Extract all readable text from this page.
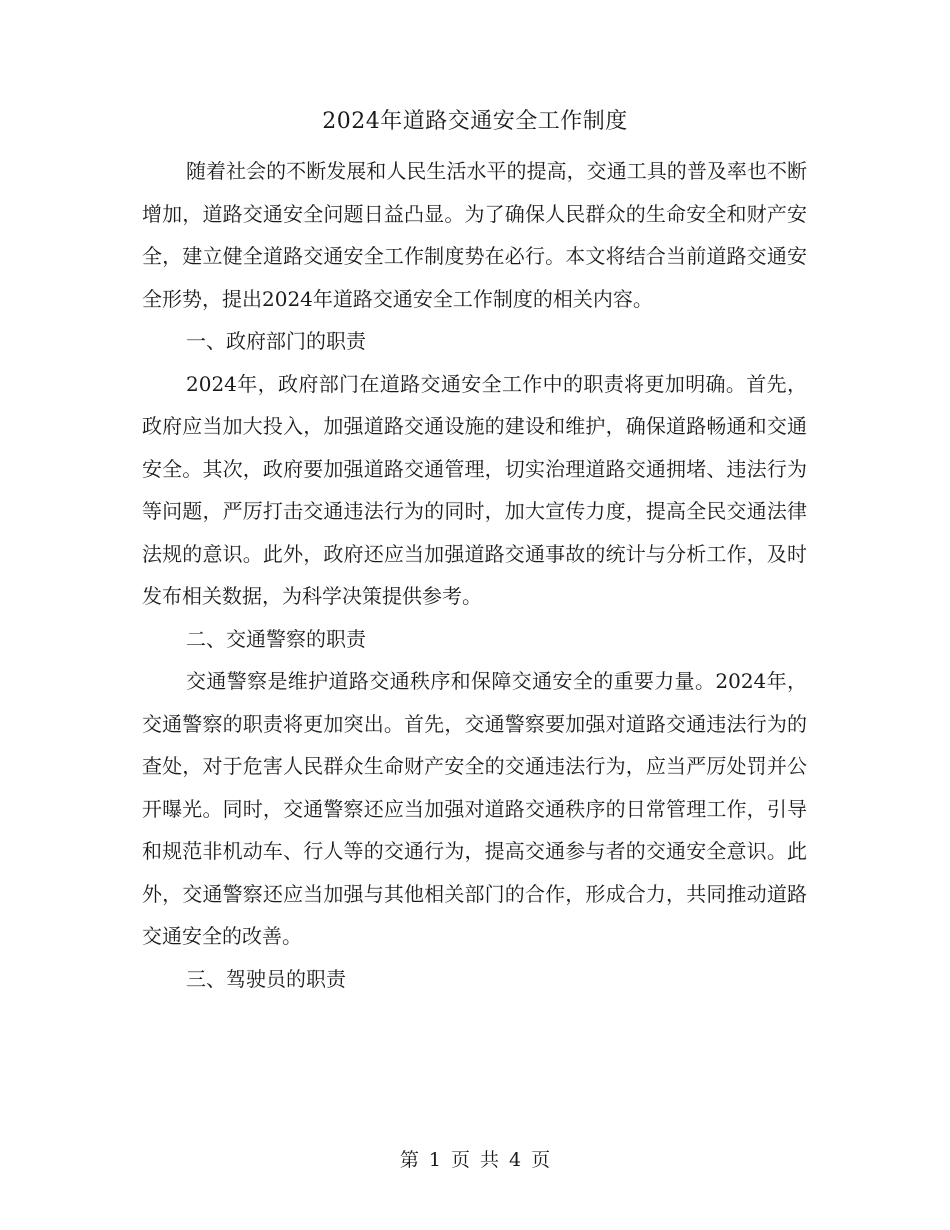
2024年道路交通安全工作制度

随着社会的不断发展和人民生活水平的提高，交通工具的普及率也不断增加，道路交通安全问题日益凸显。为了确保人民群众的生命安全和财产安全，建立健全道路交通安全工作制度势在必行。本文将结合当前道路交通安全形势，提出2024年道路交通安全工作制度的相关内容。

一、政府部门的职责

2024年，政府部门在道路交通安全工作中的职责将更加明确。首先，政府应当加大投入，加强道路交通设施的建设和维护，确保道路畅通和交通安全。其次，政府要加强道路交通管理，切实治理道路交通拥堵、违法行为等问题，严厉打击交通违法行为的同时，加大宣传力度，提高全民交通法律法规的意识。此外，政府还应当加强道路交通事故的统计与分析工作，及时发布相关数据，为科学决策提供参考。

二、交通警察的职责

交通警察是维护道路交通秩序和保障交通安全的重要力量。2024年，交通警察的职责将更加突出。首先，交通警察要加强对道路交通违法行为的查处，对于危害人民群众生命财产安全的交通违法行为，应当严厉处罚并公开曝光。同时，交通警察还应当加强对道路交通秩序的日常管理工作，引导和规范非机动车、行人等的交通行为，提高交通参与者的交通安全意识。此外，交通警察还应当加强与其他相关部门的合作，形成合力，共同推动道路交通安全的改善。

三、驾驶员的职责

第 1 页 共 4 页
